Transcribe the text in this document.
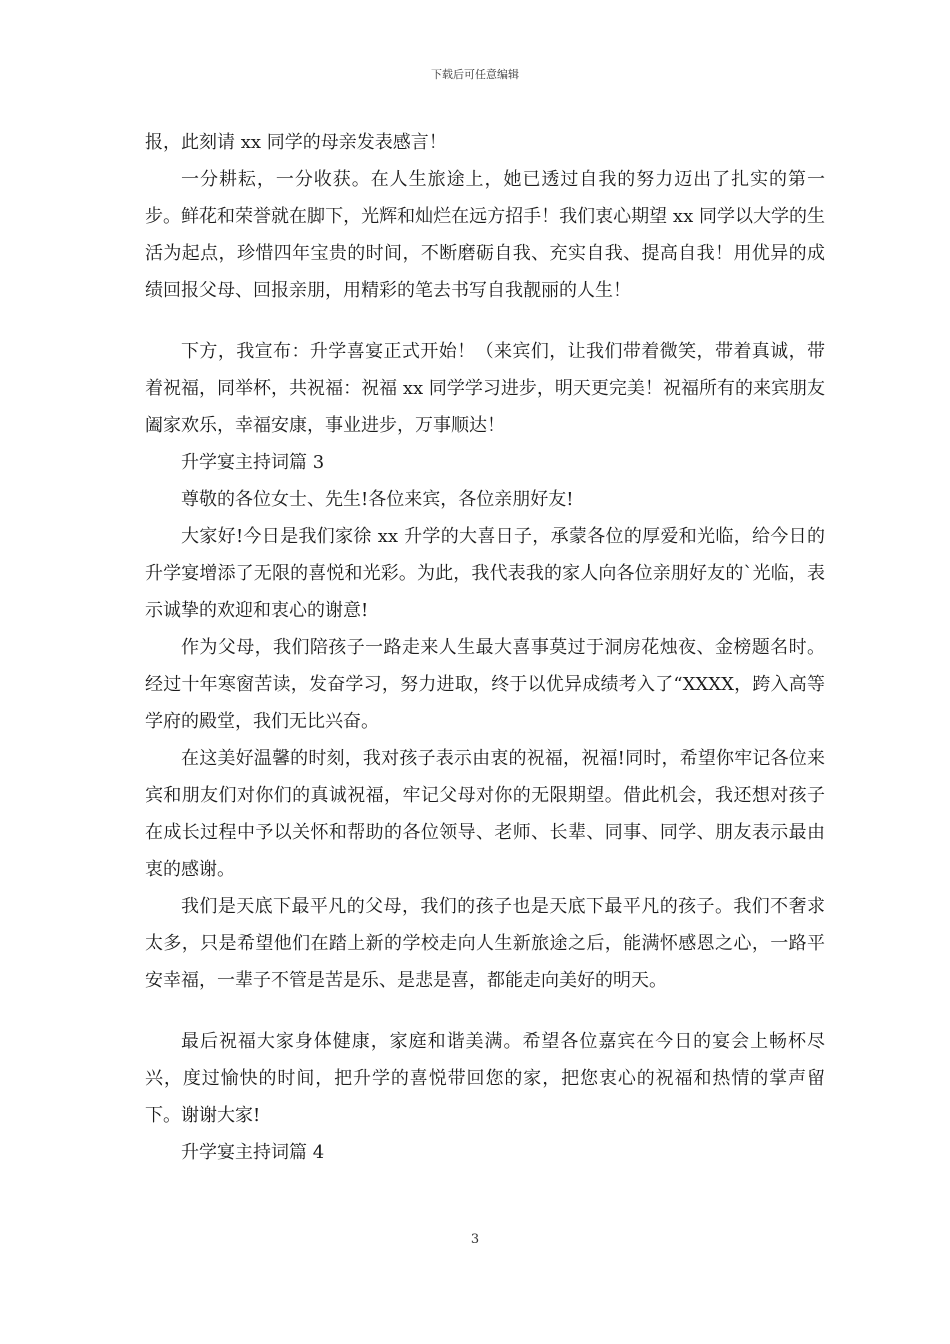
下载后可任意编辑

报，此刻请 xx 同学的母亲发表感言！

一分耕耘，一分收获。在人生旅途上，她已透过自我的努力迈出了扎实的第一步。鲜花和荣誉就在脚下，光辉和灿烂在远方招手！我们衷心期望 xx 同学以大学的生活为起点，珍惜四年宝贵的时间，不断磨砺自我、充实自我、提高自我！用优异的成绩回报父母、回报亲朋，用精彩的笔去书写自我靓丽的人生！

下方，我宣布：升学喜宴正式开始！（来宾们，让我们带着微笑，带着真诚，带着祝福，同举杯，共祝福：祝福 xx 同学学习进步，明天更完美！祝福所有的来宾朋友阖家欢乐，幸福安康，事业进步，万事顺达！

升学宴主持词篇 3

尊敬的各位女士、先生!各位来宾，各位亲朋好友!

大家好!今日是我们家徐 xx 升学的大喜日子，承蒙各位的厚爱和光临，给今日的升学宴增添了无限的喜悦和光彩。为此，我代表我的家人向各位亲朋好友的`光临，表示诚挚的欢迎和衷心的谢意!

作为父母，我们陪孩子一路走来人生最大喜事莫过于洞房花烛夜、金榜题名时。经过十年寒窗苦读，发奋学习，努力进取，终于以优异成绩考入了“XXXX，跨入高等学府的殿堂，我们无比兴奋。

在这美好温馨的时刻，我对孩子表示由衷的祝福，祝福!同时，希望你牢记各位来宾和朋友们对你们的真诚祝福，牢记父母对你的无限期望。借此机会，我还想对孩子在成长过程中予以关怀和帮助的各位领导、老师、长辈、同事、同学、朋友表示最由衷的感谢。

我们是天底下最平凡的父母，我们的孩子也是天底下最平凡的孩子。我们不奢求太多，只是希望他们在踏上新的学校走向人生新旅途之后，能满怀感恩之心，一路平安幸福，一辈子不管是苦是乐、是悲是喜，都能走向美好的明天。

最后祝福大家身体健康，家庭和谐美满。希望各位嘉宾在今日的宴会上畅杯尽兴，度过愉快的时间，把升学的喜悦带回您的家，把您衷心的祝福和热情的掌声留下。谢谢大家!

升学宴主持词篇 4

3
